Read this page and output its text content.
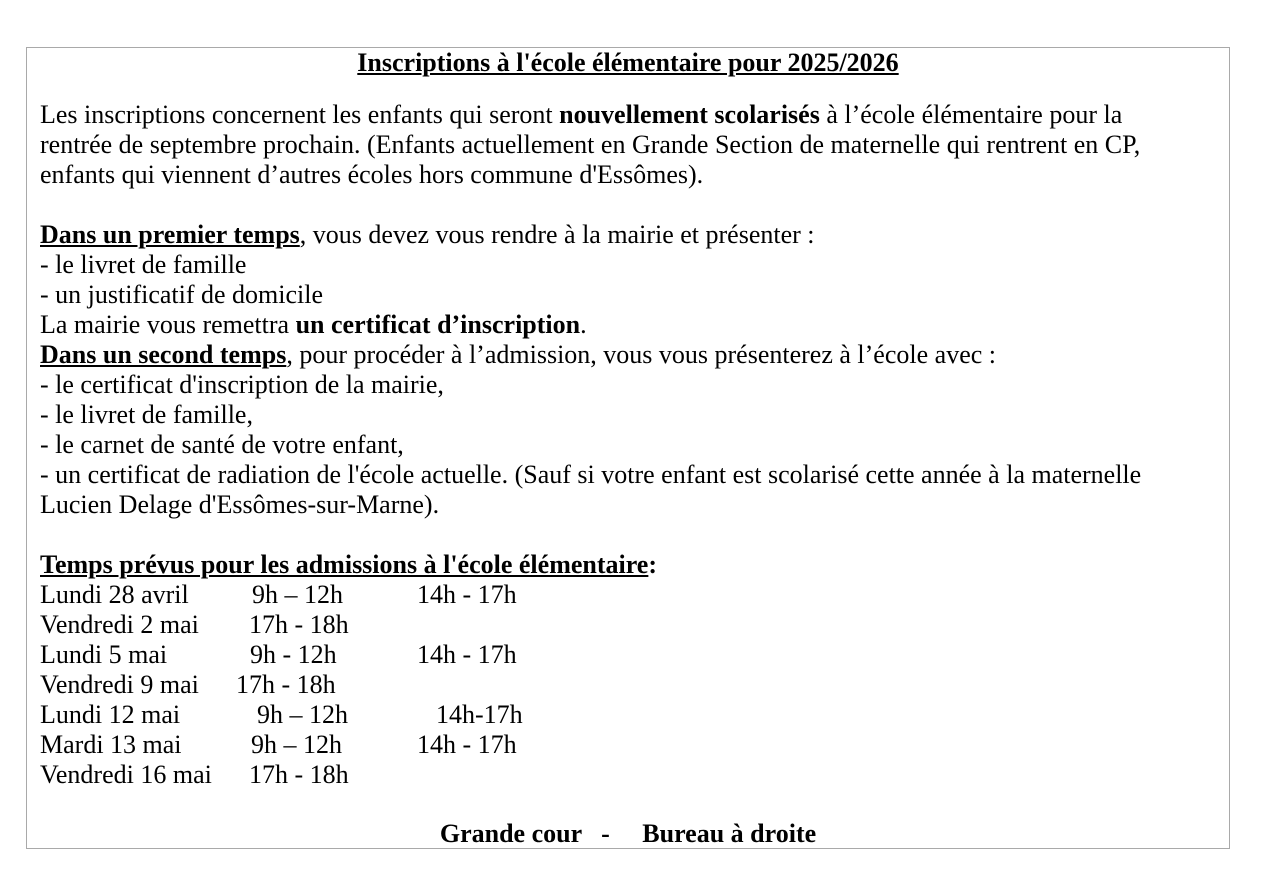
Inscriptions à l'école élémentaire pour 2025/2026
Les inscriptions concernent les enfants qui seront nouvellement scolarisés à l’école élémentaire pour la
rentrée de septembre prochain. (Enfants actuellement en Grande Section de maternelle qui rentrent en CP,
enfants qui viennent d’autres écoles hors commune d'Essômes).
Dans un premier temps, vous devez vous rendre à la mairie et présenter :
- le livret de famille
- un justificatif de domicile
La mairie vous remettra un certificat d’inscription.
Dans un second temps, pour procéder à l’admission, vous vous présenterez à l’école avec :
- le certificat d'inscription de la mairie,
- le livret de famille,
- le carnet de santé de votre enfant,
- un certificat de radiation de l'école actuelle. (Sauf si votre enfant est scolarisé cette année à la maternelle
Lucien Delage d'Essômes-sur-Marne).
Temps prévus pour les admissions à l'école élémentaire:
Lundi 28 avril 9h – 12h	14h - 17h
Vendredi 2 mai 17h - 18h
Lundi 5 mai	9h - 12h	14h - 17h
Vendredi 9 mai 17h - 18h
Lundi 12 mai	9h – 12h	14h-17h
Mardi 13 mai	9h – 12h	14h - 17h
Vendredi 16 mai 17h - 18h
Grande cour   -     Bureau à droite
